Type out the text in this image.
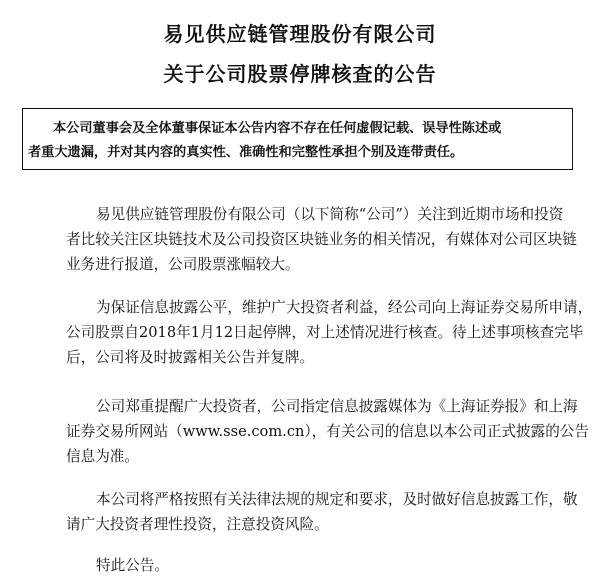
易见供应链管理股份有限公司
关于公司股票停牌核查的公告
本公司董事会及全体董事保证本公告内容不存在任何虚假记载、误导性陈述或
者重大遗漏，并对其内容的真实性、准确性和完整性承担个别及连带责任。
易见供应链管理股份有限公司（以下简称“公司”）关注到近期市场和投资
者比较关注区块链技术及公司投资区块链业务的相关情况，有媒体对公司区块链
业务进行报道，公司股票涨幅较大。
为保证信息披露公平，维护广大投资者利益，经公司向上海证券交易所申请，
公司股票自2018年1月12日起停牌，对上述情况进行核查。待上述事项核查完毕
后，公司将及时披露相关公告并复牌。
公司郑重提醒广大投资者，公司指定信息披露媒体为《上海证券报》和上海
证券交易所网站（www.sse.com.cn），有关公司的信息以本公司正式披露的公告
信息为准。
本公司将严格按照有关法律法规的规定和要求，及时做好信息披露工作，敬
请广大投资者理性投资，注意投资风险。
特此公告。
